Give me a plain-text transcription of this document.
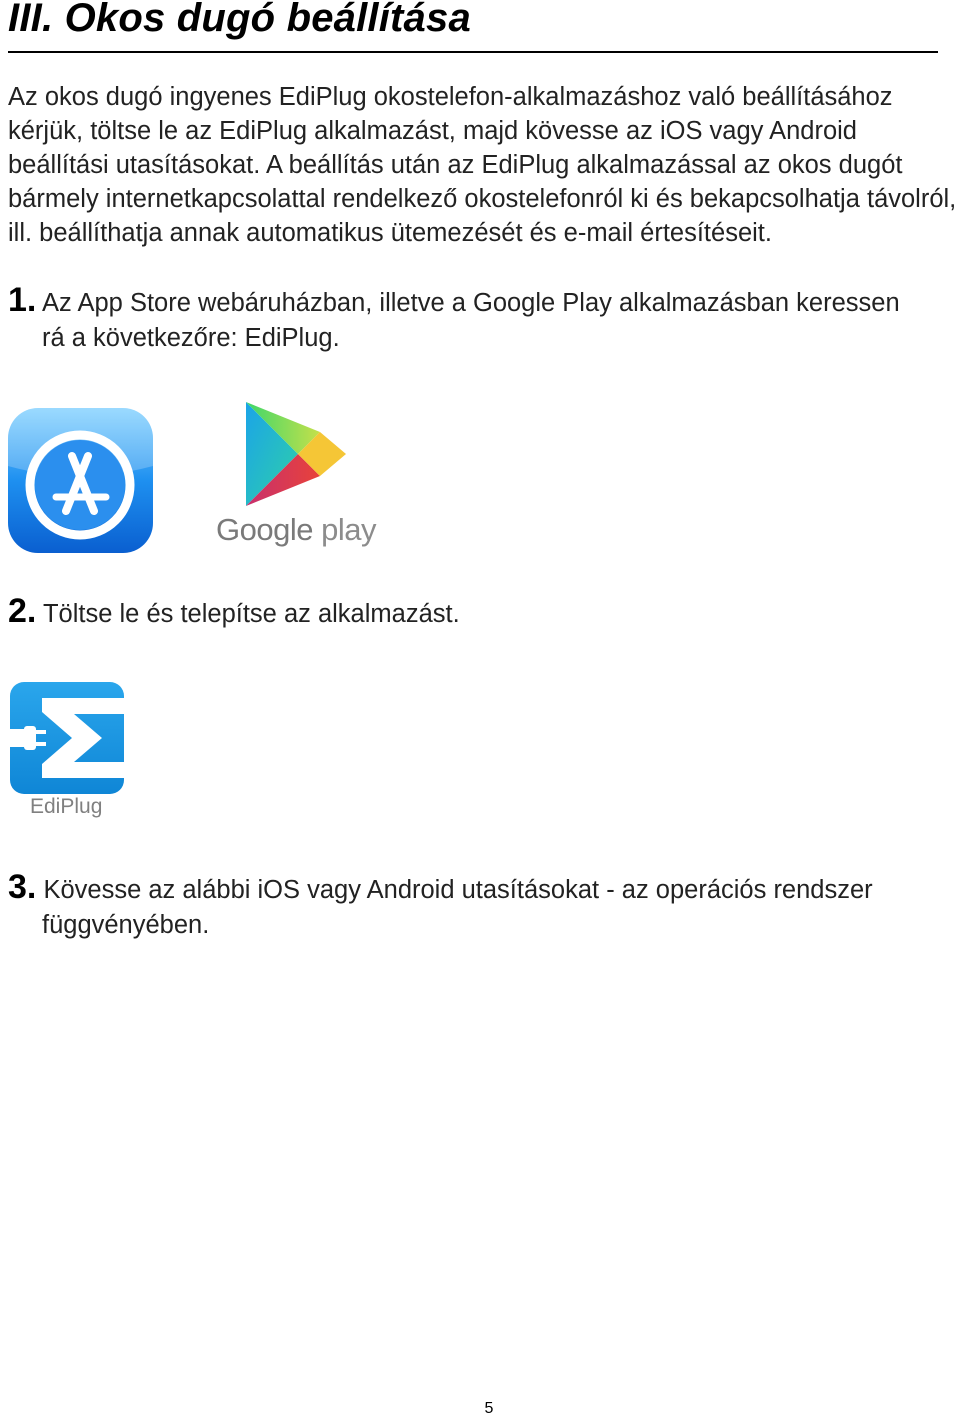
III. Okos dugó beállítása

Az okos dugó ingyenes EdiPlug okostelefon-alkalmazáshoz való beállításához kérjük, töltse le az EdiPlug alkalmazást, majd kövesse az iOS vagy Android beállítási utasításokat. A beállítás után az EdiPlug alkalmazással az okos dugót bármely internetkapcsolattal rendelkező okostelefonról ki és bekapcsolhatja távolról, ill. beállíthatja annak automatikus ütemezését és e-mail értesítéseit.

1. Az App Store webáruházban, illetve a Google Play alkalmazásban keressen
rá a következőre: EdiPlug.

Google play

2. Töltse le és telepítse az alkalmazást.

EdiPlug

3. Kövesse az alábbi iOS vagy Android utasításokat - az operációs rendszer
függvényében.

5
